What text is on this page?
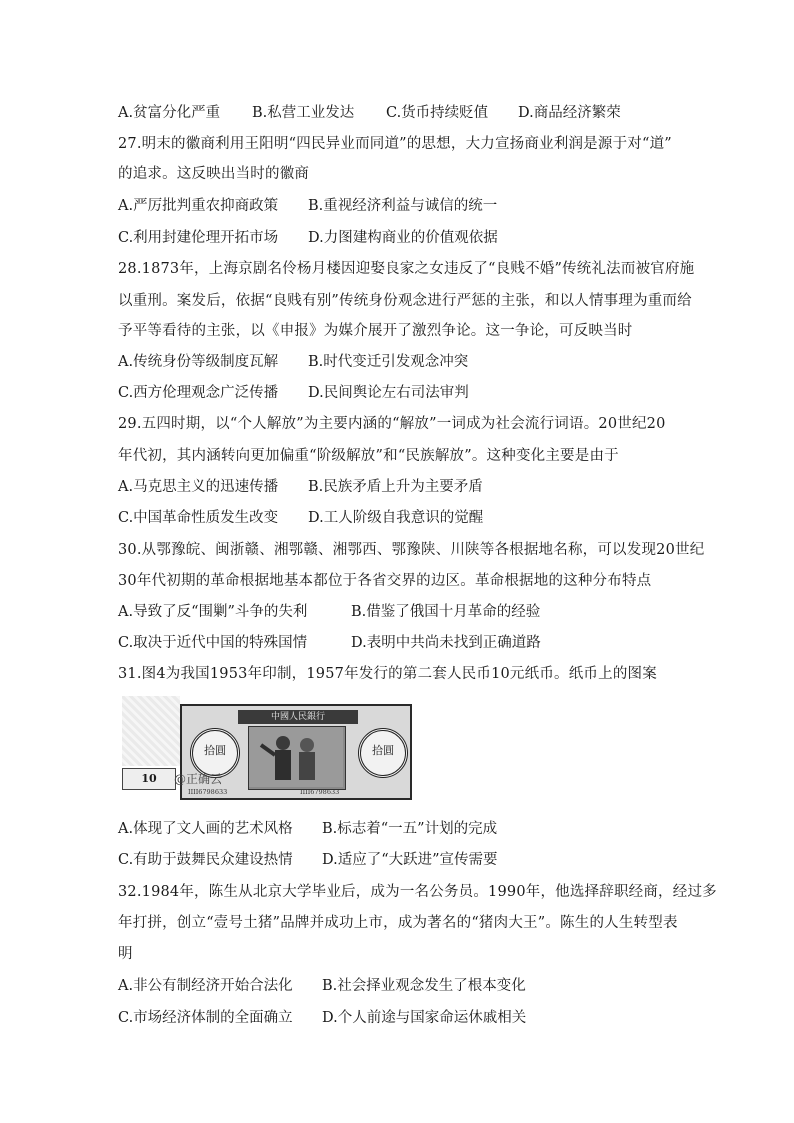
A.贫富分化严重 B.私营工业发达 C.货币持续贬值 D.商品经济繁荣
27.明末的徽商利用王阳明“四民异业而同道”的思想，大力宣扬商业利润是源于对“道”
的追求。这反映出当时的徽商
A.严厉批判重农抑商政策 B.重视经济利益与诚信的统一
C.利用封建伦理开拓市场 D.力图建构商业的价值观依据
28.1873年，上海京剧名伶杨月楼因迎娶良家之女违反了“良贱不婚”传统礼法而被官府施
以重刑。案发后，依据“良贱有别”传统身份观念进行严惩的主张，和以人情事理为重而给
予平等看待的主张，以《申报》为媒介展开了激烈争论。这一争论，可反映当时
A.传统身份等级制度瓦解 B.时代变迁引发观念冲突
C.西方伦理观念广泛传播 D.民间舆论左右司法审判
29.五四时期，以“个人解放”为主要内涵的“解放”一词成为社会流行词语。20世纪20
年代初，其内涵转向更加偏重“阶级解放”和“民族解放”。这种变化主要是由于
A.马克思主义的迅速传播 B.民族矛盾上升为主要矛盾
C.中国革命性质发生改变 D.工人阶级自我意识的觉醒
30.从鄂豫皖、闽浙赣、湘鄂赣、湘鄂西、鄂豫陕、川陕等各根据地名称，可以发现20世纪
30年代初期的革命根据地基本都位于各省交界的边区。革命根据地的这种分布特点
A.导致了反“围剿”斗争的失利	B.借鉴了俄国十月革命的经验
C.取决于近代中国的特殊国情	D.表明中共尚未找到正确道路
31.图4为我国1953年印制，1957年发行的第二套人民币10元纸币。纸币上的图案
中國人民銀行
拾圓	拾圓
IIII6798633	IIII6798633
10	@正确云
A.体现了文人画的艺术风格 B.标志着“一五”计划的完成
C.有助于鼓舞民众建设热情 D.适应了“大跃进”宣传需要
32.1984年，陈生从北京大学毕业后，成为一名公务员。1990年，他选择辞职经商，经过多
年打拼，创立“壹号土猪”品牌并成功上市，成为著名的“猪肉大王”。陈生的人生转型表
明
A.非公有制经济开始合法化 B.社会择业观念发生了根本变化
C.市场经济体制的全面确立 D.个人前途与国家命运休戚相关
